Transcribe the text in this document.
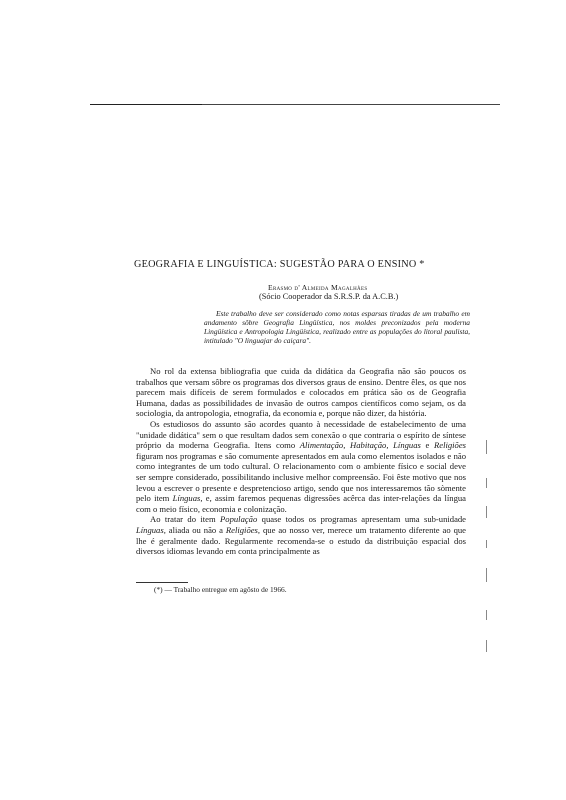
GEOGRAFIA E LINGUÍSTICA: SUGESTÃO PARA O ENSINO *
Erasmo d' Almeida Magalhães
(Sócio Cooperador da S.R.S.P. da A.C.B.)

Este trabalho deve ser considerado como notas esparsas tiradas de um trabalho em andamento sôbre Geografia Lingüística, nos moldes preconizados pela moderna Lingüística e Antropologia Lingüística, realizado entre as populações do litoral paulista, intitulado "O linguajar do caiçara".

No rol da extensa bibliografia que cuida da didática da Geografia não são poucos os trabalhos que versam sôbre os programas dos diversos graus de ensino. Dentre êles, os que nos parecem mais difíceis de serem formulados e colocados em prática são os de Geografia Humana, dadas as possibilidades de invasão de outros campos científicos como sejam, os da sociologia, da antropologia, etnografia, da economia e, porque não dizer, da história.

Os estudiosos do assunto são acordes quanto à necessidade de estabelecimento de uma "unidade didática" sem o que resultam dados sem conexão o que contraria o espírito de síntese próprio da moderna Geografia. Itens como Alimentação, Habitação, Línguas e Religiões figuram nos programas e são comumente apresentados em aula como elementos isolados e não como integrantes de um todo cultural. O relacionamento com o ambiente físico e social deve ser sempre considerado, possibilitando inclusive melhor compreensão. Foi êste motivo que nos levou a escrever o presente e despretencioso artigo, sendo que nos interessaremos tão sòmente pelo item Línguas, e, assim faremos pequenas digressões acêrca das inter-relações da língua com o meio físico, economia e colonização.

Ao tratar do item População quase todos os programas apresentam uma sub-unidade Línguas, aliada ou não a Religiões, que ao nosso ver, merece um tratamento diferente ao que lhe é geralmente dado. Regularmente recomenda-se o estudo da distribuição espacial dos diversos idiomas levando em conta principalmente as

(*) — Trabalho entregue em agôsto de 1966.
